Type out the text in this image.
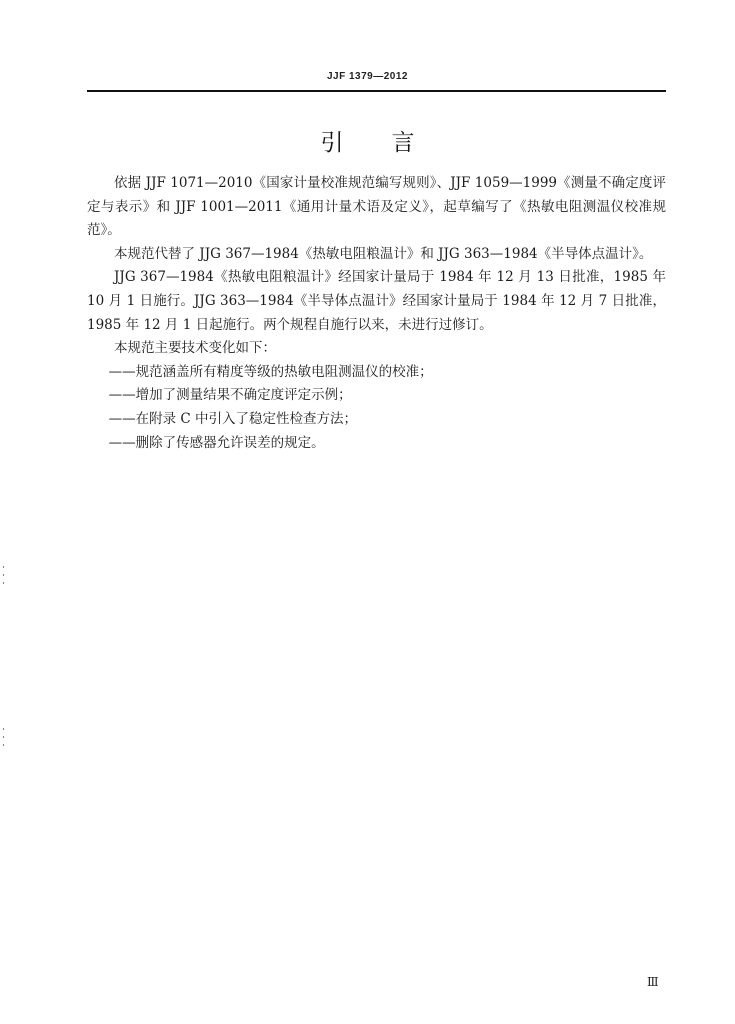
JJF 1379—2012
引言

依据 JJF 1071—2010《国家计量校准规范编写规则》、JJF 1059—1999《测量不确定度评定与表示》和 JJF 1001—2011《通用计量术语及定义》，起草编写了《热敏电阻测温仪校准规范》。

本规范代替了 JJG 367—1984《热敏电阻粮温计》和 JJG 363—1984《半导体点温计》。

JJG 367—1984《热敏电阻粮温计》经国家计量局于 1984 年 12 月 13 日批准，1985 年 10 月 1 日施行。JJG 363—1984《半导体点温计》经国家计量局于 1984 年 12 月 7 日批准，1985 年 12 月 1 日起施行。两个规程自施行以来，未进行过修订。

本规范主要技术变化如下：

——规范涵盖所有精度等级的热敏电阻测温仪的校准；

——增加了测量结果不确定度评定示例；

——在附录 C 中引入了稳定性检查方法；

——删除了传感器允许误差的规定。

Ⅲ
